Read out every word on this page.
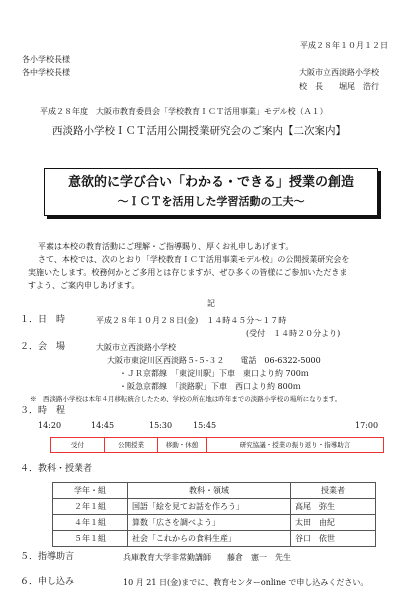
平成２８年１０月１２日
各小学校長様
各中学校長様	大阪市立西淡路小学校
校　長　　堀尾　浩行
平成２８年度　大阪市教育委員会「学校教育ＩＣＴ活用事業」モデル校（Ａ１）
西淡路小学校ＩＣＴ活用公開授業研究会のご案内【二次案内】
意欲的に学び合い「わかる・できる」授業の創造
～ＩＣＴを活用した学習活動の工夫～
平素は本校の教育活動にご理解・ご指導賜り、厚くお礼申しあげます。
さて、本校では、次のとおり「学校教育ＩＣＴ活用事業モデル校」の公開授業研究会を
実施いたします。校務何かとご多用とは存じますが、ぜひ多くの皆様にご参加いただきま
すよう、ご案内申しあげます。
記
１．日　時	平成２８年１０月２８日(金)　１４時４５分～１７時
(受付　１４時２０分より)
２．会　場	大阪市立西淡路小学校
大阪市東淀川区西淡路５-５-３２　　電話　06-6322-5000
・ＪＲ京都線　「東淀川駅」下車　東口より約 700ｍ
・阪急京都線　「淡路駅」下車　西口より約 800ｍ
※　西淡路小学校は本年４月移転統合したため、学校の所在地は昨年までの淡路小学校の場所になります。
３．時　程
14:20	14:45	15:30	15:45	17:00
受付	公開授業	移動・休憩	研究協議・授業の振り返り・指導助言
４．教科・授業者
学年・組	教科・領域	授業者
２年１組	国語「絵を見てお話を作ろう」	高尾　弥生
４年１組	算数「広さを調べよう」	太田　由紀
５年１組	社会「これからの食料生産」	谷口　依世
５．指導助言	兵庫教育大学非常勤講師　　藤倉　憲一　先生
６．申し込み	10 月 21 日(金)までに、教育センターonline で申し込みください。
